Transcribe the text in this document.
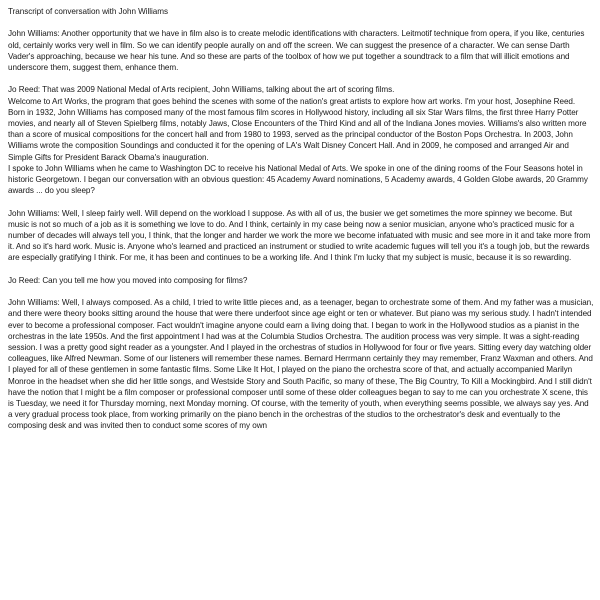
Transcript of conversation with John Williams

John Williams: Another opportunity that we have in film also is to create melodic identifications with characters. Leitmotif technique from opera, if you like, centuries old, certainly works very well in film. So we can identify people aurally on and off the screen. We can suggest the presence of a character. We can sense Darth Vader's approaching, because we hear his tune. And so these are parts of the toolbox of how we put together a soundtrack to a film that will illicit emotions and underscore them, suggest them, enhance them.

Jo Reed: That was 2009 National Medal of Arts recipient, John Williams, talking about the art of scoring films.

Welcome to Art Works, the program that goes behind the scenes with some of the nation's great artists to explore how art works. I'm your host, Josephine Reed. Born in 1932, John Williams has composed many of the most famous film scores in Hollywood history, including all six Star Wars films, the first three Harry Potter movies, and nearly all of Steven Spielberg films, notably Jaws, Close Encounters of the Third Kind and all of the Indiana Jones movies. Williams's also written more than a score of musical compositions for the concert hall and from 1980 to 1993, served as the principal conductor of the Boston Pops Orchestra. In 2003, John Williams wrote the composition Soundings and conducted it for the opening of LA's Walt Disney Concert Hall. And in 2009, he composed and arranged Air and Simple Gifts for President Barack Obama's inauguration.

I spoke to John Williams when he came to Washington DC to receive his National Medal of Arts. We spoke in one of the dining rooms of the Four Seasons hotel in historic Georgetown. I began our conversation with an obvious question: 45 Academy Award nominations, 5 Academy awards, 4 Golden Globe awards, 20 Grammy awards ... do you sleep?

John Williams: Well, I sleep fairly well. Will depend on the workload I suppose. As with all of us, the busier we get sometimes the more spinney we become. But music is not so much of a job as it is something we love to do. And I think, certainly in my case being now a senior musician, anyone who's practiced music for a number of decades will always tell you, I think, that the longer and harder we work the more we become infatuated with music and see more in it and take more from it. And so it's hard work. Music is. Anyone who's learned and practiced an instrument or studied to write academic fugues will tell you it's a tough job, but the rewards are especially gratifying I think. For me, it has been and continues to be a working life. And I think I'm lucky that my subject is music, because it is so rewarding.

Jo Reed: Can you tell me how you moved into composing for films?

John Williams: Well, I always composed. As a child, I tried to write little pieces and, as a teenager, began to orchestrate some of them. And my father was a musician, and there were theory books sitting around the house that were there underfoot since age eight or ten or whatever. But piano was my serious study. I hadn't intended ever to become a professional composer. Fact wouldn't imagine anyone could earn a living doing that. I began to work in the Hollywood studios as a pianist in the orchestras in the late 1950s. And the first appointment I had was at the Columbia Studios Orchestra. The audition process was very simple. It was a sight-reading session. I was a pretty good sight reader as a youngster. And I played in the orchestras of studios in Hollywood for four or five years. Sitting every day watching older colleagues, like Alfred Newman. Some of our listeners will remember these names. Bernard Herrmann certainly they may remember, Franz Waxman and others. And I played for all of these gentlemen in some fantastic films. Some Like It Hot, I played on the piano the orchestra score of that, and actually accompanied Marilyn Monroe in the headset when she did her little songs, and Westside Story and South Pacific, so many of these, The Big Country, To Kill a Mockingbird. And I still didn't have the notion that I might be a film composer or professional composer until some of these older colleagues began to say to me can you orchestrate X scene, this is Tuesday, we need it for Thursday morning, next Monday morning. Of course, with the temerity of youth, when everything seems possible, we always say yes. And a very gradual process took place, from working primarily on the piano bench in the orchestras of the studios to the orchestrator's desk and eventually to the composing desk and was invited then to conduct some scores of my own
